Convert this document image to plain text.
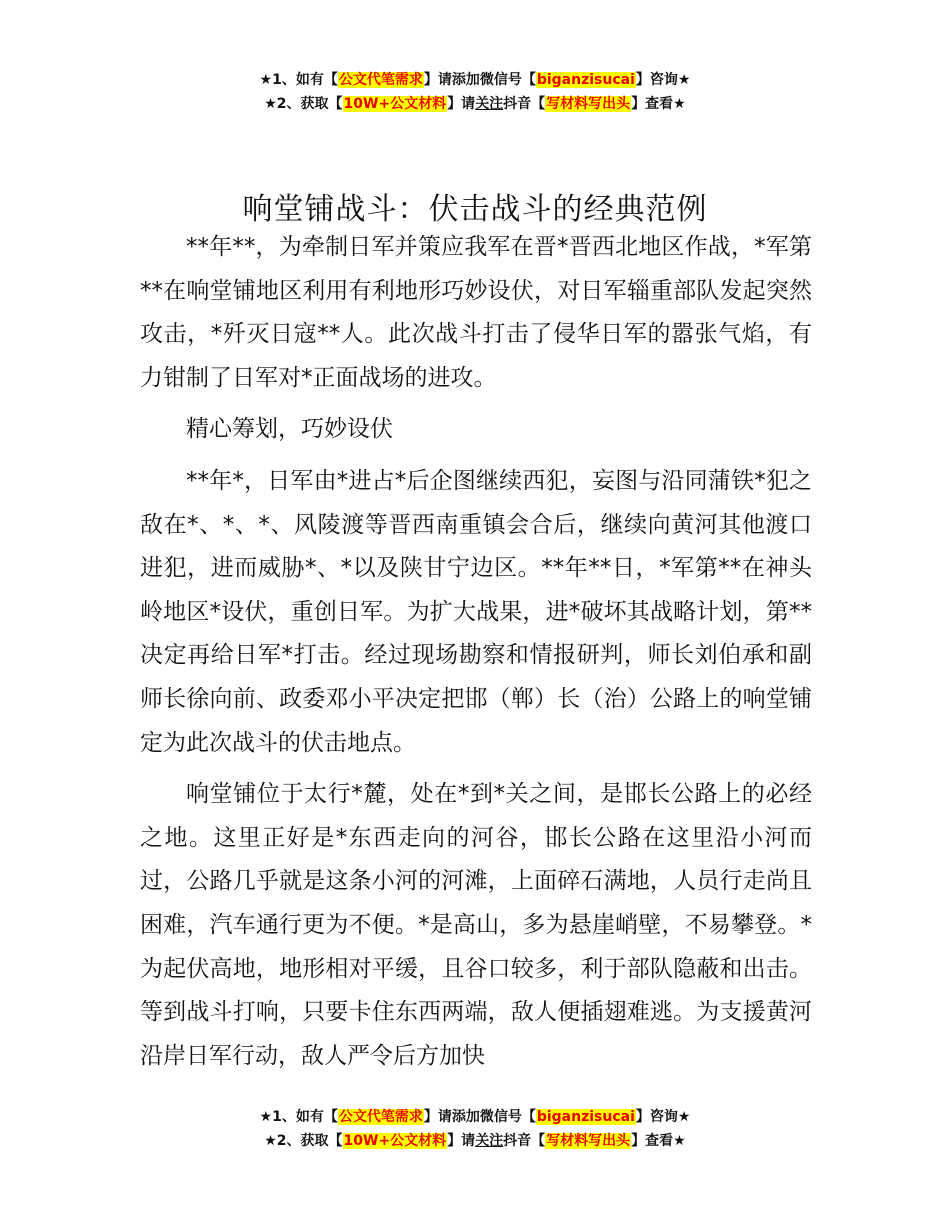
★1、如有【公文代笔需求】请添加微信号【biganzisucai】咨询★
★2、获取【10W+公文材料】请关注抖音【写材料写出头】查看★
响堂铺战斗：伏击战斗的经典范例

**年**，为牵制日军并策应我军在晋*晋西北地区作战，*军第**在响堂铺地区利用有利地形巧妙设伏，对日军辎重部队发起突然攻击，*歼灭日寇**人。此次战斗打击了侵华日军的嚣张气焰，有力钳制了日军对*正面战场的进攻。

精心筹划，巧妙设伏

**年*，日军由*进占*后企图继续西犯，妄图与沿同蒲铁*犯之敌在*、*、*、风陵渡等晋西南重镇会合后，继续向黄河其他渡口进犯，进而威胁*、*以及陕甘宁边区。**年**日，*军第**在神头岭地区*设伏，重创日军。为扩大战果，进*破坏其战略计划，第**决定再给日军*打击。经过现场勘察和情报研判，师长刘伯承和副师长徐向前、政委邓小平决定把邯（郸）长（治）公路上的响堂铺定为此次战斗的伏击地点。

响堂铺位于太行*麓，处在*到*关之间，是邯长公路上的必经之地。这里正好是*东西走向的河谷，邯长公路在这里沿小河而过，公路几乎就是这条小河的河滩，上面碎石满地，人员行走尚且困难，汽车通行更为不便。*是高山，多为悬崖峭壁，不易攀登。*为起伏高地，地形相对平缓，且谷口较多，利于部队隐蔽和出击。等到战斗打响，只要卡住东西两端，敌人便插翅难逃。为支援黄河沿岸日军行动，敌人严令后方加快

★1、如有【公文代笔需求】请添加微信号【biganzisucai】咨询★
★2、获取【10W+公文材料】请关注抖音【写材料写出头】查看★
